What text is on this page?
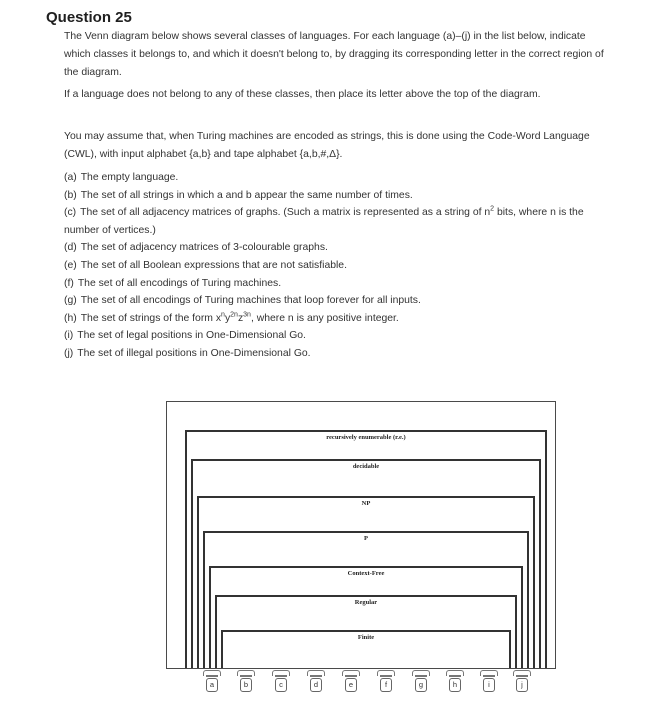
Question 25

The Venn diagram below shows several classes of languages. For each language (a)–(j) in the list below, indicate which classes it belongs to, and which it doesn't belong to, by dragging its corresponding letter in the correct region of the diagram.

If a language does not belong to any of these classes, then place its letter above the top of the diagram.

You may assume that, when Turing machines are encoded as strings, this is done using the Code-Word Language (CWL), with input alphabet {a,b} and tape alphabet {a,b,#,Δ}.

(a) The empty language.
(b) The set of all strings in which a and b appear the same number of times.
(c) The set of all adjacency matrices of graphs. (Such a matrix is represented as a string of $n^2$ bits, where n is the number of vertices.)
(d) The set of adjacency matrices of 3-colourable graphs.
(e) The set of all Boolean expressions that are not satisfiable.
(f) The set of all encodings of Turing machines.
(g) The set of all encodings of Turing machines that loop forever for all inputs.
(h) The set of strings of the form $x^ny^{2n}z^{3n}$, where n is any positive integer.
(i) The set of legal positions in One-Dimensional Go.
(j) The set of illegal positions in One-Dimensional Go.
recursively enumerable (r.e.)
decidable
NP
P
Context-Free
Regular
Finite
a	b	c	d	e	f	g	h	i	j
